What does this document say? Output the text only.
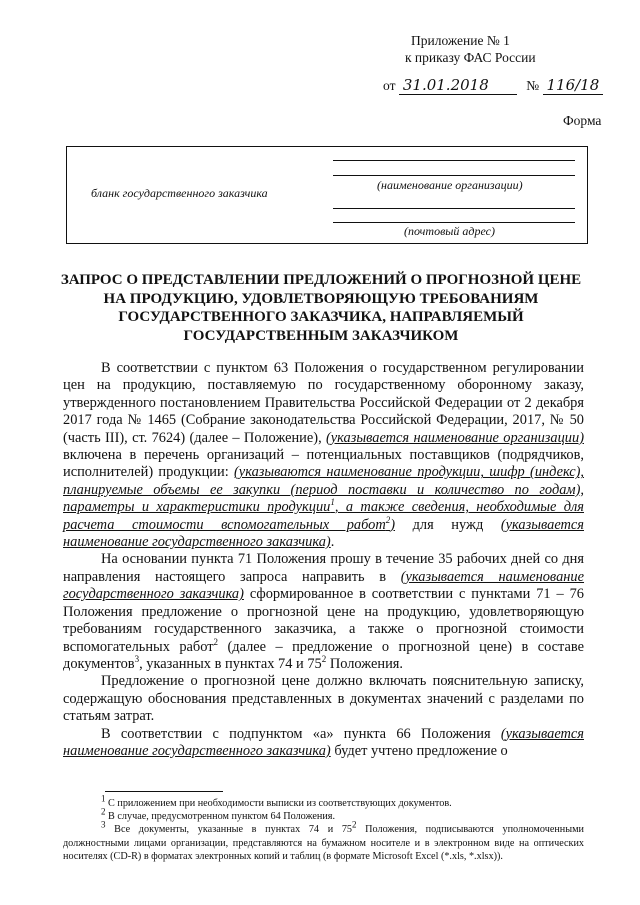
Приложение № 1
к приказу ФАС России
от 31.01.2018	№ 116/18
Форма
бланк государственного заказчика
(наименование организации)
(почтовый адрес)
ЗАПРОС О ПРЕДСТАВЛЕНИИ ПРЕДЛОЖЕНИЙ О ПРОГНОЗНОЙ ЦЕНЕ НА ПРОДУКЦИЮ, УДОВЛЕТВОРЯЮЩУЮ ТРЕБОВАНИЯМ ГОСУДАРСТВЕННОГО ЗАКАЗЧИКА, НАПРАВЛЯЕМЫЙ ГОСУДАРСТВЕННЫМ ЗАКАЗЧИКОМ

В соответствии с пунктом 63 Положения о государственном регулировании цен на продукцию, поставляемую по государственному оборонному заказу, утвержденного постановлением Правительства Российской Федерации от 2 декабря 2017 года № 1465 (Собрание законодательства Российской Федерации, 2017, № 50 (часть III), ст. 7624) (далее – Положение), (указывается наименование организации) включена в перечень организаций – потенциальных поставщиков (подрядчиков, исполнителей) продукции: (указываются наименование продукции, шифр (индекс), планируемые объемы ее закупки (период поставки и количество по годам), параметры и характеристики продукции$^1$, а также сведения, необходимые для расчета стоимости вспомогательных работ$^2$) для нужд (указывается наименование государственного заказчика).

На основании пункта 71 Положения прошу в течение 35 рабочих дней со дня направления настоящего запроса направить в (указывается наименование государственного заказчика) сформированное в соответствии с пунктами 71 – 76 Положения предложение о прогнозной цене на продукцию, удовлетворяющую требованиям государственного заказчика, а также о прогнозной стоимости вспомогательных работ$^2$ (далее – предложение о прогнозной цене) в составе документов$^3$, указанных в пунктах 74 и $75^2$ Положения.

Предложение о прогнозной цене должно включать пояснительную записку, содержащую обоснования представленных в документах значений с разделами по статьям затрат.

В соответствии с подпунктом «а» пункта 66 Положения (указывается наименование государственного заказчика) будет учтено предложение о

$^1$ С приложением при необходимости выписки из соответствующих документов.
$^2$ В случае, предусмотренном пунктом 64 Положения.
$^3$ Все документы, указанные в пунктах 74 и $75^2$ Положения, подписываются уполномоченными должностными лицами организации, представляются на бумажном носителе и в электронном виде на оптических носителях (CD-R) в форматах электронных копий и таблиц (в формате Microsoft Excel (*.xls, *.xlsx)).
